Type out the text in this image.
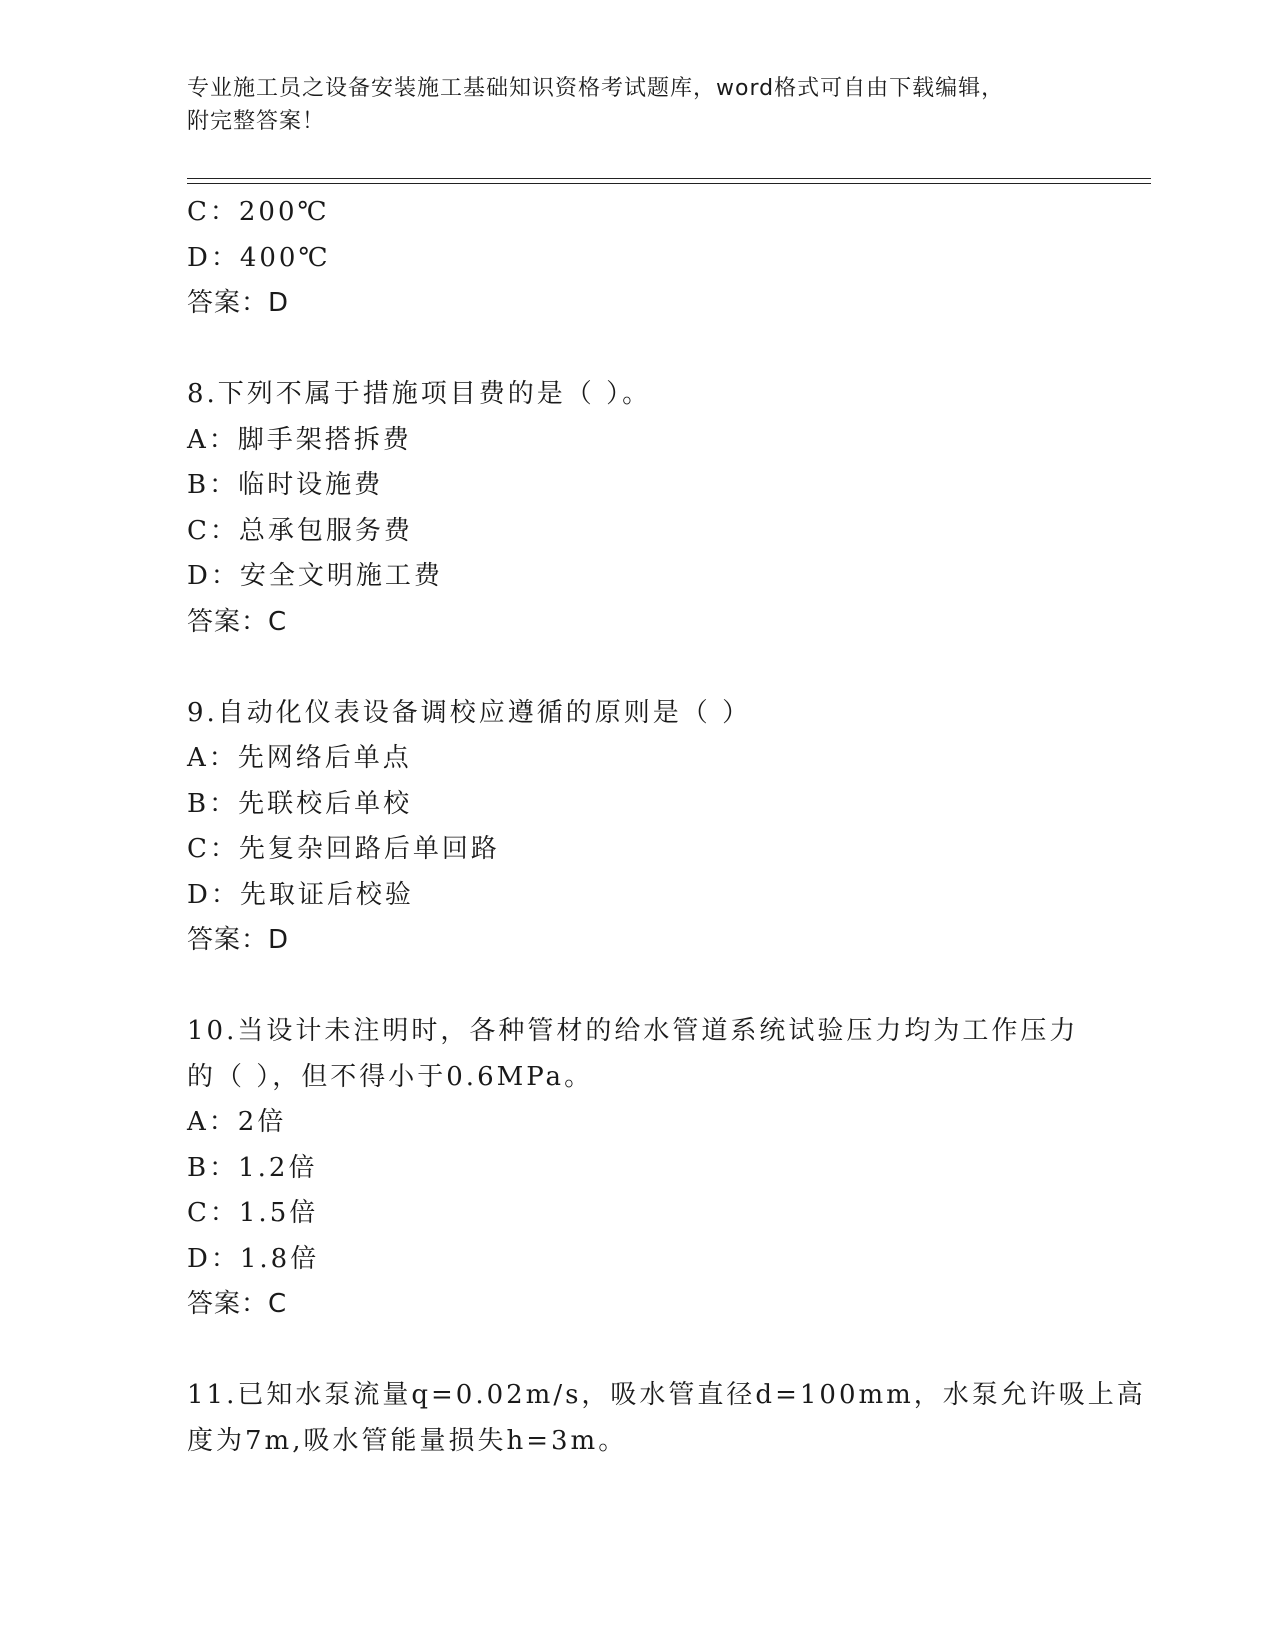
专业施工员之设备安装施工基础知识资格考试题库，word格式可自由下载编辑，
附完整答案！
C：200℃
D：400℃
答案：D
8.下列不属于措施项目费的是（ ）。
A：脚手架搭拆费
B：临时设施费
C：总承包服务费
D：安全文明施工费
答案：C
9.自动化仪表设备调校应遵循的原则是（ ）
A：先网络后单点
B：先联校后单校
C：先复杂回路后单回路
D：先取证后校验
答案：D
10.当设计未注明时，各种管材的给水管道系统试验压力均为工作压力
的（ ），但不得小于0.6MPa。
A：2倍
B：1.2倍
C：1.5倍
D：1.8倍
答案：C
11.已知水泵流量q=0.02m/s，吸水管直径d=100mm，水泵允许吸上高
度为7m,吸水管能量损失h=3m。
